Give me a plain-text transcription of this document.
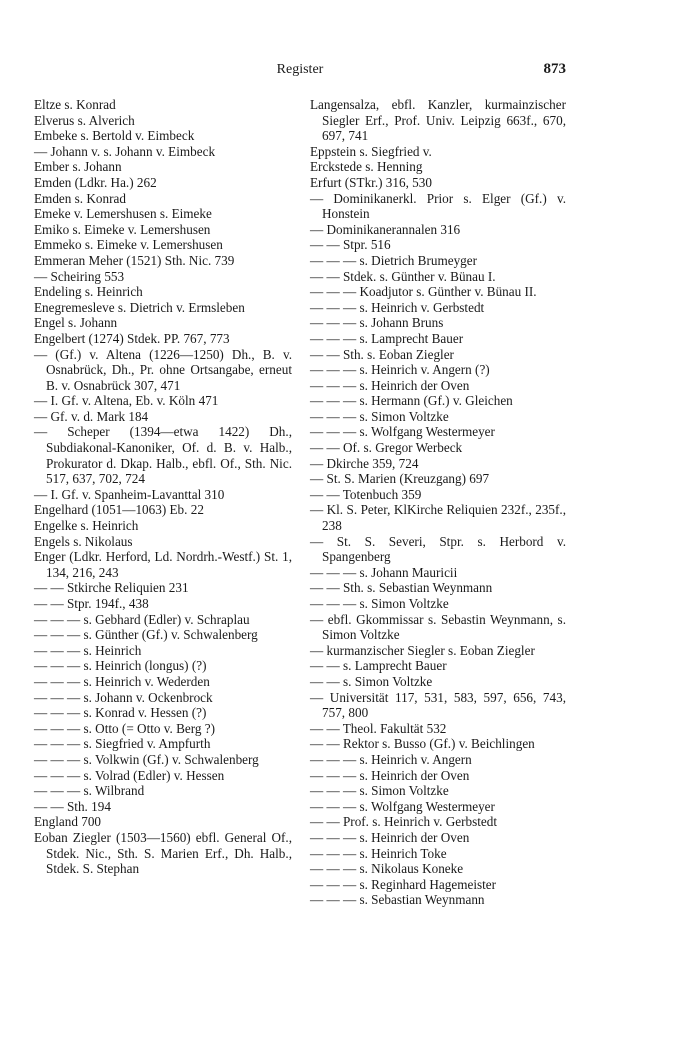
Register	873

Eltze s. Konrad

Elverus s. Alverich

Embeke s. Bertold v. Eimbeck

— Johann v. s. Johann v. Eimbeck

Ember s. Johann

Emden (Ldkr. Ha.) 262

Emden s. Konrad

Emeke v. Lemershusen s. Eimeke

Emiko s. Eimeke v. Lemershusen

Emmeko s. Eimeke v. Lemershusen

Emmeran Meher (1521) Sth. Nic. 739

— Scheiring 553

Endeling s. Heinrich

Enegremesleve s. Dietrich v. Ermsleben

Engel s. Johann

Engelbert (1274) Stdek. PP. 767, 773

— (Gf.) v. Altena (1226—1250) Dh., B. v. Osnabrück, Dh., Pr. ohne Ortsangabe, erneut B. v. Osnabrück 307, 471

— I. Gf. v. Altena, Eb. v. Köln 471

— Gf. v. d. Mark 184

— Scheper (1394—etwa 1422) Dh., Subdiakonal-Kanoniker, Of. d. B. v. Halb., Prokurator d. Dkap. Halb., ebfl. Of., Sth. Nic. 517, 637, 702, 724

— I. Gf. v. Spanheim-Lavanttal 310

Engelhard (1051—1063) Eb. 22

Engelke s. Heinrich

Engels s. Nikolaus

Enger (Ldkr. Herford, Ld. Nordrh.-Westf.) St. 1, 134, 216, 243

— — Stkirche Reliquien 231

— — Stpr. 194f., 438

— — — s. Gebhard (Edler) v. Schraplau

— — — s. Günther (Gf.) v. Schwalenberg

— — — s. Heinrich

— — — s. Heinrich (longus) (?)

— — — s. Heinrich v. Wederden

— — — s. Johann v. Ockenbrock

— — — s. Konrad v. Hessen (?)

— — — s. Otto (= Otto v. Berg ?)

— — — s. Siegfried v. Ampfurth

— — — s. Volkwin (Gf.) v. Schwalenberg

— — — s. Volrad (Edler) v. Hessen

— — — s. Wilbrand

— — Sth. 194

England 700

Eoban Ziegler (1503—1560) ebfl. General Of., Stdek. Nic., Sth. S. Marien Erf., Dh. Halb., Stdek. S. Stephan

Langensalza, ebfl. Kanzler, kurmainzischer Siegler Erf., Prof. Univ. Leipzig 663f., 670, 697, 741

Eppstein s. Siegfried v.

Erckstede s. Henning

Erfurt (STkr.) 316, 530

— Dominikanerkl. Prior s. Elger (Gf.) v. Honstein

— Dominikanerannalen 316

— — Stpr. 516

— — — s. Dietrich Brumeyger

— — Stdek. s. Günther v. Bünau I.

— — — Koadjutor s. Günther v. Bünau II.

— — — s. Heinrich v. Gerbstedt

— — — s. Johann Bruns

— — — s. Lamprecht Bauer

— — Sth. s. Eoban Ziegler

— — — s. Heinrich v. Angern (?)

— — — s. Heinrich der Oven

— — — s. Hermann (Gf.) v. Gleichen

— — — s. Simon Voltzke

— — — s. Wolfgang Westermeyer

— — Of. s. Gregor Werbeck

— Dkirche 359, 724

— St. S. Marien (Kreuzgang) 697

— — Totenbuch 359

— Kl. S. Peter, KlKirche Reliquien 232f., 235f., 238

— St. S. Severi, Stpr. s. Herbord v. Spangenberg

— — — s. Johann Mauricii

— — Sth. s. Sebastian Weynmann

— — — s. Simon Voltzke

— ebfl. Gkommissar s. Sebastin Weynmann, s. Simon Voltzke

— kurmanzischer Siegler s. Eoban Ziegler

— — s. Lamprecht Bauer

— — s. Simon Voltzke

— Universität 117, 531, 583, 597, 656, 743, 757, 800

— — Theol. Fakultät 532

— — Rektor s. Busso (Gf.) v. Beichlingen

— — — s. Heinrich v. Angern

— — — s. Heinrich der Oven

— — — s. Simon Voltzke

— — — s. Wolfgang Westermeyer

— — Prof. s. Heinrich v. Gerbstedt

— — — s. Heinrich der Oven

— — — s. Heinrich Toke

— — — s. Nikolaus Koneke

— — — s. Reginhard Hagemeister

— — — s. Sebastian Weynmann
